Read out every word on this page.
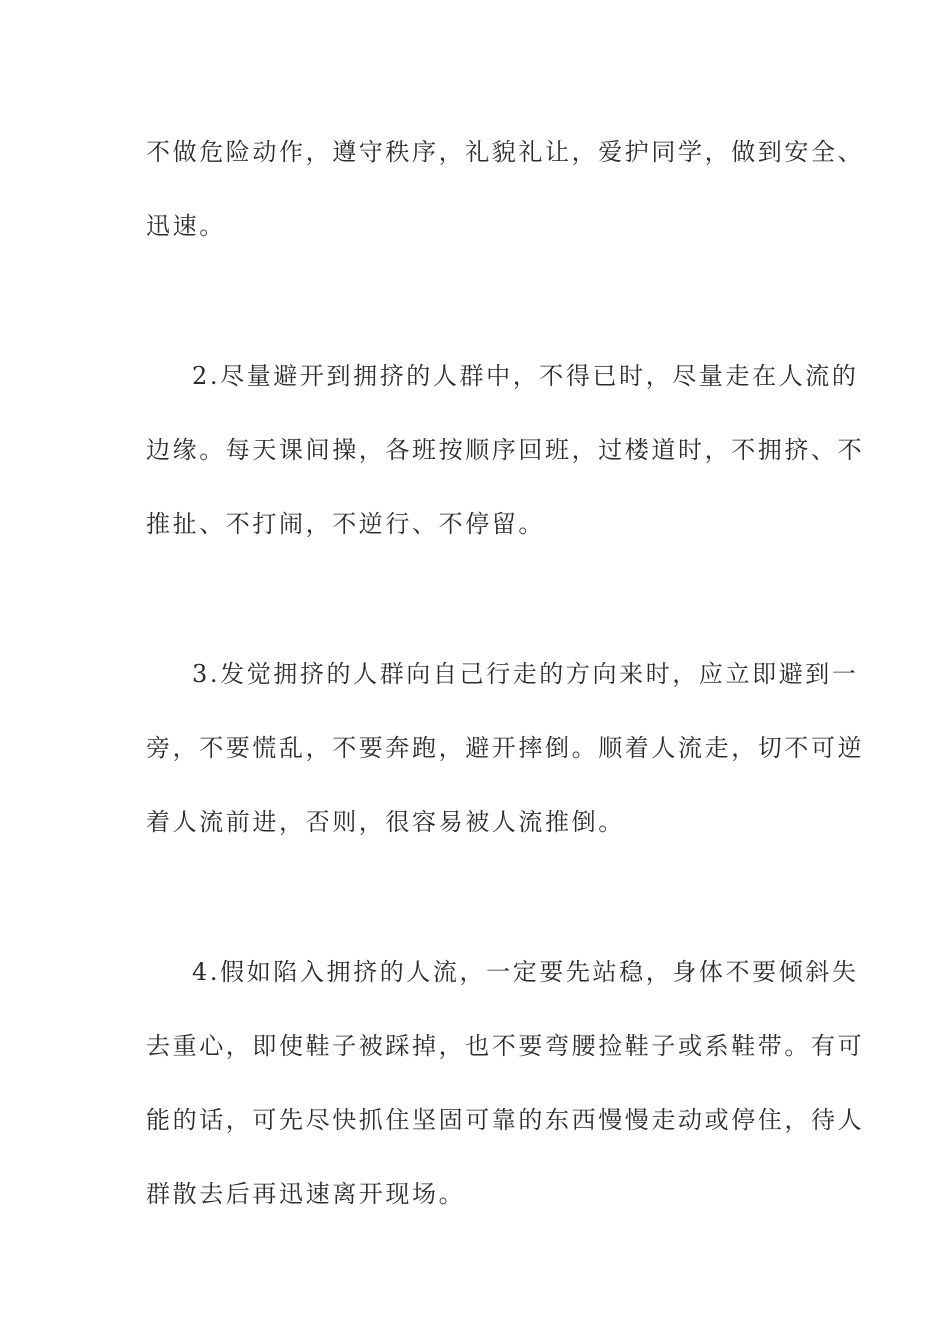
不做危险动作，遵守秩序，礼貌礼让，爱护同学，做到安全、
迅速。
2.尽量避开到拥挤的人群中，不得已时，尽量走在人流的
边缘。每天课间操，各班按顺序回班，过楼道时，不拥挤、不
推扯、不打闹，不逆行、不停留。
3.发觉拥挤的人群向自己行走的方向来时，应立即避到一
旁，不要慌乱，不要奔跑，避开摔倒。顺着人流走，切不可逆
着人流前进，否则，很容易被人流推倒。
4.假如陷入拥挤的人流，一定要先站稳，身体不要倾斜失
去重心，即使鞋子被踩掉，也不要弯腰捡鞋子或系鞋带。有可
能的话，可先尽快抓住坚固可靠的东西慢慢走动或停住，待人
群散去后再迅速离开现场。
